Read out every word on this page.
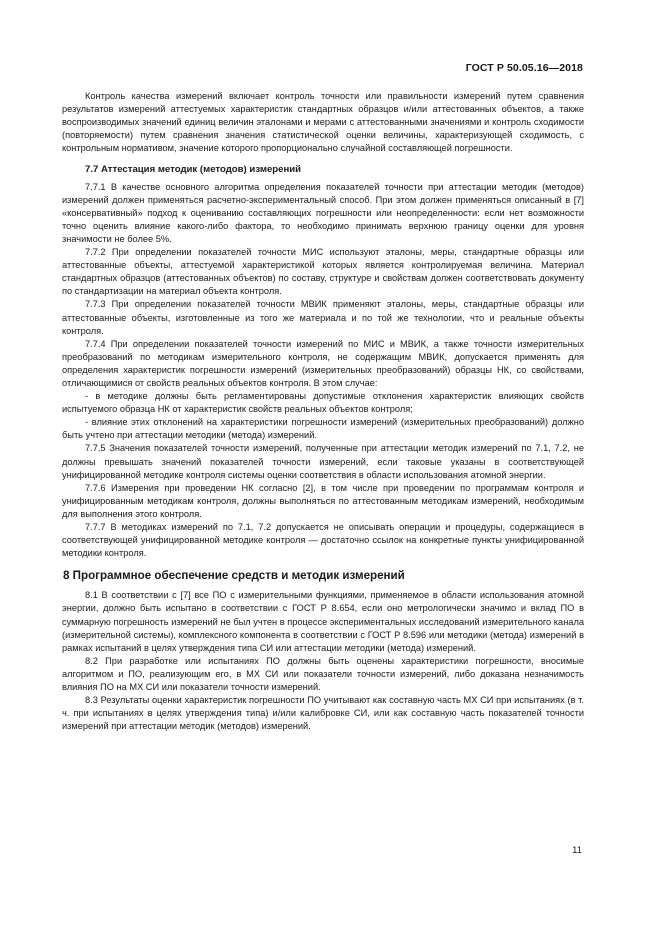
ГОСТ Р 50.05.16—2018

Контроль качества измерений включает контроль точности или правильности измерений путем сравнения результатов измерений аттестуемых характеристик стандартных образцов и/или аттестованных объектов, а также воспроизводимых значений единиц величин эталонами и мерами с аттестованными значениями и контроль сходимости (повторяемости) путем сравнения значения статистической оценки величины, характеризующей сходимость, с контрольным нормативом, значение которого пропорционально случайной составляющей погрешности.

7.7 Аттестация методик (методов) измерений

7.7.1 В качестве основного алгоритма определения показателей точности при аттестации методик (методов) измерений должен применяться расчетно-экспериментальный способ. При этом должен применяться описанный в [7] «консервативный» подход к оцениванию составляющих погрешности или неопределенности: если нет возможности точно оценить влияние какого-либо фактора, то необходимо принимать верхнюю границу оценки для уровня значимости не более 5%.

7.7.2 При определении показателей точности МИС используют эталоны, меры, стандартные образцы или аттестованные объекты, аттестуемой характеристикой которых является контролируемая величина. Материал стандартных образцов (аттестованных объектов) по составу, структуре и свойствам должен соответствовать документу по стандартизации на материал объекта контроля.

7.7.3 При определении показателей точности МВИК применяют эталоны, меры, стандартные образцы или аттестованные объекты, изготовленные из того же материала и по той же технологии, что и реальные объекты контроля.

7.7.4 При определении показателей точности измерений по МИС и МВИК, а также точности измерительных преобразований по методикам измерительного контроля, не содержащим МВИК, допускается применять для определения характеристик погрешности измерений (измерительных преобразований) образцы НК, со свойствами, отличающимися от свойств реальных объектов контроля. В этом случае:

- в методике должны быть регламентированы допустимые отклонения характеристик влияющих свойств испытуемого образца НК от характеристик свойств реальных объектов контроля;

- влияние этих отклонений на характеристики погрешности измерений (измерительных преобразований) должно быть учтено при аттестации методики (метода) измерений.

7.7.5 Значения показателей точности измерений, полученные при аттестации методик измерений по 7.1, 7.2, не должны превышать значений показателей точности измерений, если таковые указаны в соответствующей унифицированной методике контроля системы оценки соответствия в области использования атомной энергии.

7.7.6 Измерения при проведении НК согласно [2], в том числе при проведении по программам контроля и унифицированным методикам контроля, должны выполняться по аттестованным методикам измерений, необходимым для выполнения этого контроля.

7.7.7 В методиках измерений по 7.1, 7.2 допускается не описывать операции и процедуры, содержащиеся в соответствующей унифицированной методике контроля — достаточно ссылок на конкретные пункты унифицированной методики контроля.

8 Программное обеспечение средств и методик измерений

8.1 В соответствии с [7] все ПО с измерительными функциями, применяемое в области использования атомной энергии, должно быть испытано в соответствии с ГОСТ Р 8.654, если оно метрологически значимо и вклад ПО в суммарную погрешность измерений не был учтен в процессе экспериментальных исследований измерительного канала (измерительной системы), комплексного компонента в соответствии с ГОСТ Р 8.596 или методики (метода) измерений в рамках испытаний в целях утверждения типа СИ или аттестации методики (метода) измерений.

8.2 При разработке или испытаниях ПО должны быть оценены характеристики погрешности, вносимые алгоритмом и ПО, реализующим его, в МХ СИ или показатели точности измерений, либо доказана незначимость влияния ПО на МХ СИ или показатели точности измерений.

8.3 Результаты оценки характеристик погрешности ПО учитывают как составную часть МХ СИ при испытаниях (в т. ч. при испытаниях в целях утверждения типа) и/или калибровке СИ, или как составную часть показателей точности измерений при аттестации методик (методов) измерений.

11
